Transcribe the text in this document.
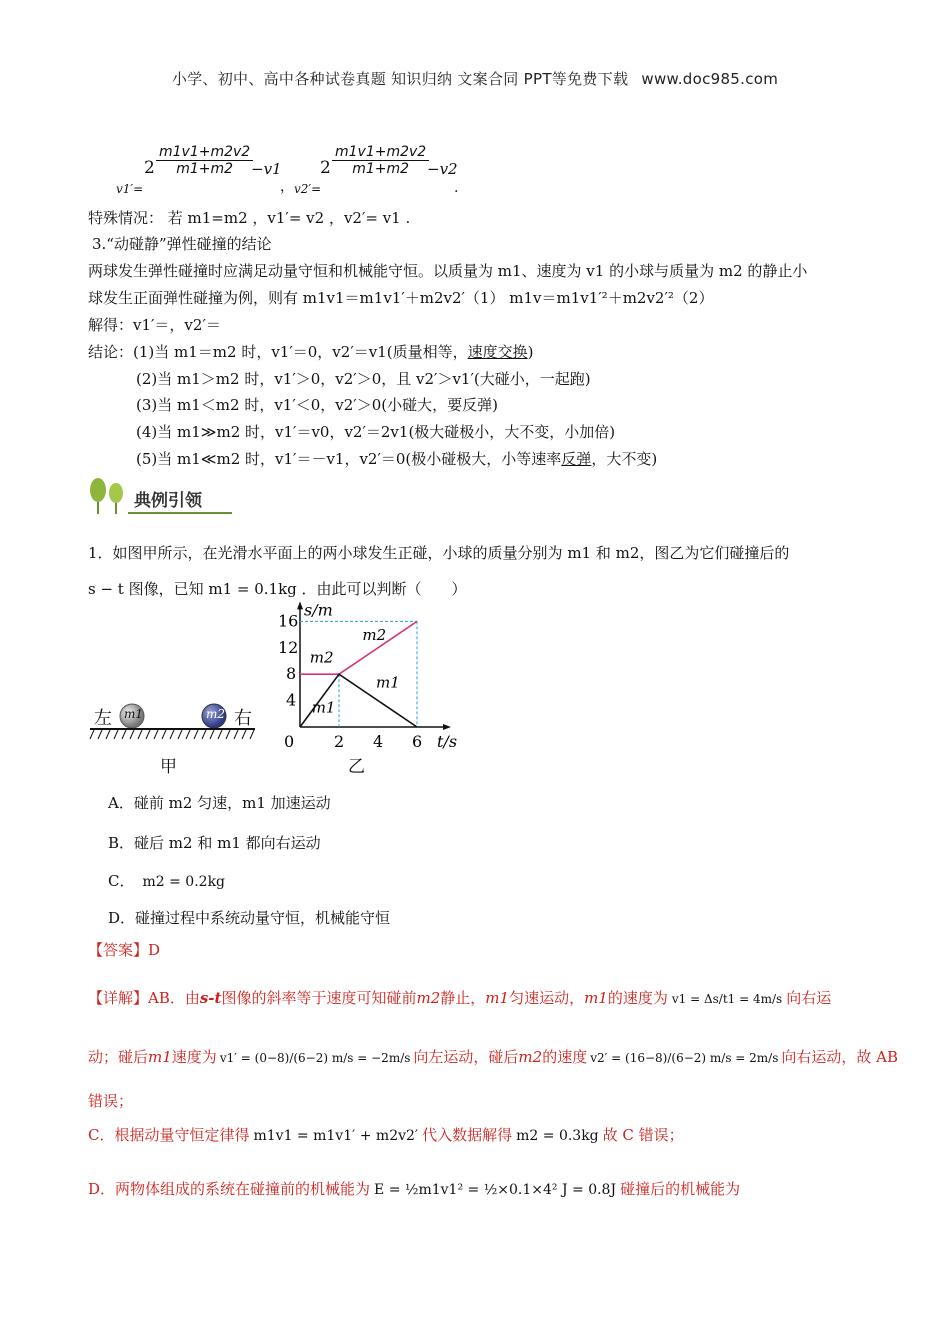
小学、初中、高中各种试卷真题 知识归纳 文案合同 PPT等免费下载 www.doc985.com
v1′=
$2 \frac{m1v1+m2v2}{m1+m2}$
−v1
， v2′=
$2 \frac{m1v1+m2v2}{m1+m2}$
−v2
.
特殊情况： 若 m1=m2 ，v1′= v2 ，v2′= v1 .
3.“动碰静”弹性碰撞的结论
两球发生弹性碰撞时应满足动量守恒和机械能守恒。以质量为 m1、速度为 v1 的小球与质量为 m2 的静止小
球发生正面弹性碰撞为例，则有 m1v1＝m1v1′＋m2v2′（1） m1v＝m1v1′²＋m2v2′²（2）
解得：v1′＝，v2′＝
结论：(1)当 m1＝m2 时，v1′＝0，v2′＝v1(质量相等，速度交换)
(2)当 m1＞m2 时，v1′＞0，v2′＞0，且 v2′＞v1′(大碰小，一起跑)
(3)当 m1＜m2 时，v1′＜0，v2′＞0(小碰大，要反弹)
(4)当 m1≫m2 时，v1′＝v0，v2′＝2v1(极大碰极小，大不变，小加倍)
(5)当 m1≪m2 时，v1′＝－v1，v2′＝0(极小碰极大，小等速率反弹，大不变)
典例引领
1．如图甲所示，在光滑水平面上的两小球发生正碰，小球的质量分别为 m1 和 m2，图乙为它们碰撞后的
s − t 图像，已知 m1 = 0.1kg ．由此可以判断（　　）
左 m1	m2 右
甲
s/m
t/s
0 2 4 6
4
8
12
16
m2
m2
m1
m1
乙
A．碰前 m2 匀速，m1 加速运动
B．碰后 m2 和 m1 都向右运动
C． m2 = 0.2kg
D．碰撞过程中系统动量守恒，机械能守恒
【答案】D
【详解】AB．由s-t图像的斜率等于速度可知碰前m2静止，m1匀速运动，m1的速度为 v1 = Δs/t1 = 4m/s 向右运
动；碰后m1速度为 v1′ = (0−8)/(6−2) m/s = −2m/s 向左运动，碰后m2的速度 v2′ = (16−8)/(6−2) m/s = 2m/s 向右运动，故 AB
错误；
C．根据动量守恒定律得 m1v1 = m1v1′ + m2v2′ 代入数据解得 m2 = 0.3kg 故 C 错误；
D．两物体组成的系统在碰撞前的机械能为 E = ½m1v1² = ½×0.1×4² J = 0.8J 碰撞后的机械能为
